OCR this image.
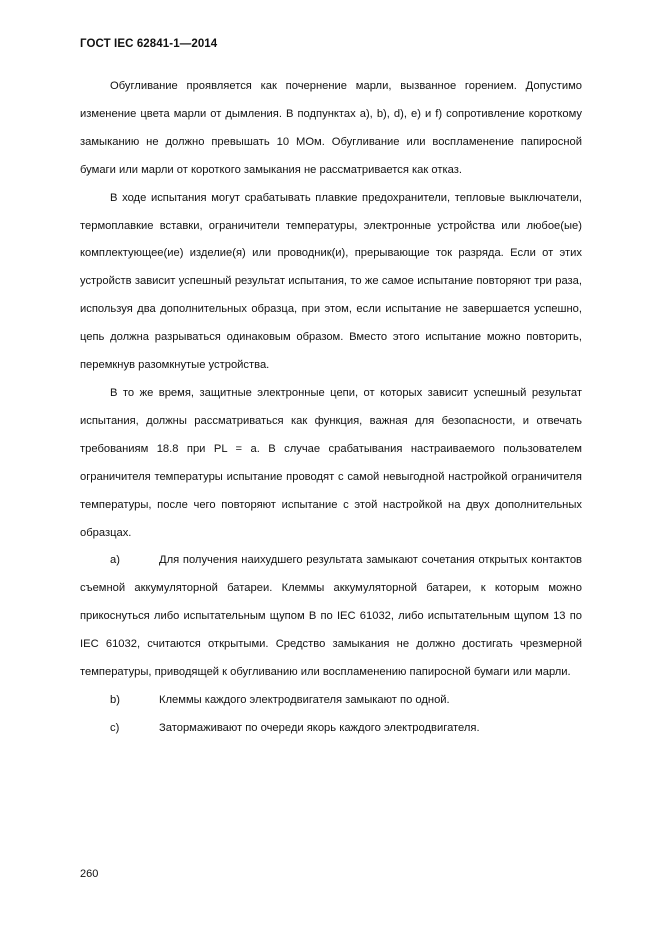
ГОСТ IEC 62841-1—2014

Обугливание проявляется как почернение марли, вызванное горением. Допустимо изменение цвета марли от дымления. В подпунктах а), b), d), e) и f) сопротивление короткому замыканию не должно превышать 10 МОм. Обугливание или воспламенение папиросной бумаги или марли от короткого замыкания не рассматривается как отказ.

В ходе испытания могут срабатывать плавкие предохранители, тепловые выключатели, термоплавкие вставки, ограничители температуры, электронные устройства или любое(ые) комплектующее(ие) изделие(я) или проводник(и), прерывающие ток разряда. Если от этих устройств зависит успешный результат испытания, то же самое испытание повторяют три раза, используя два дополнительных образца, при этом, если испытание не завершается успешно, цепь должна разрываться одинаковым образом. Вместо этого испытание можно повторить, перемкнув разомкнутые устройства.

В то же время, защитные электронные цепи, от которых зависит успешный результат испытания, должны рассматриваться как функция, важная для безопасности, и отвечать требованиям 18.8 при PL = a. В случае срабатывания настраиваемого пользователем ограничителя температуры испытание проводят с самой невыгодной настройкой ограничителя температуры, после чего повторяют испытание с этой настройкой на двух дополнительных образцах.

a)	Для получения наихудшего результата замыкают сочетания открытых контактов съемной аккумуляторной батареи. Клеммы аккумуляторной батареи, к которым можно прикоснуться либо испытательным щупом В по IEC 61032, либо испытательным щупом 13 по IEC 61032, считаются открытыми. Средство замыкания не должно достигать чрезмерной температуры, приводящей к обугливанию или воспламенению папиросной бумаги или марли.

b)	Клеммы каждого электродвигателя замыкают по одной.

c)	Затормаживают по очереди якорь каждого электродвигателя.

260
